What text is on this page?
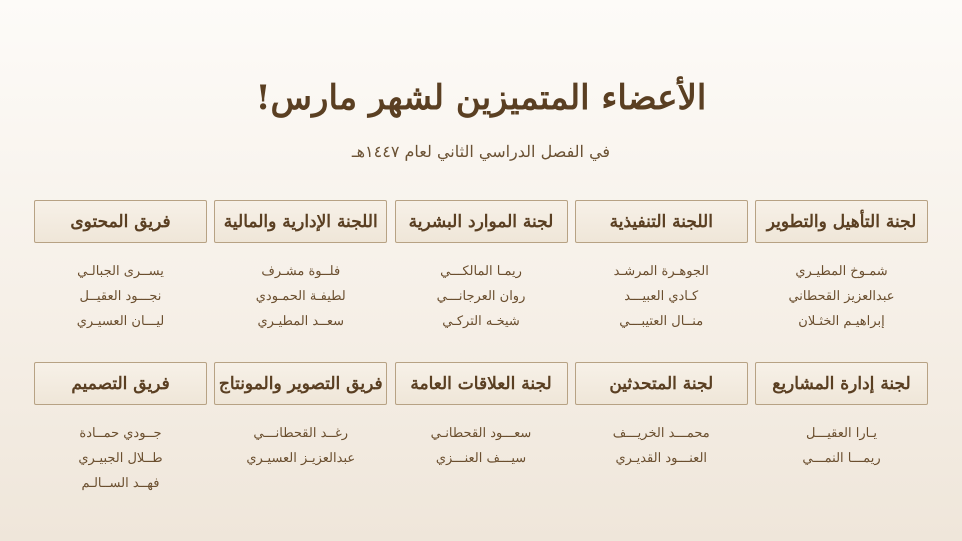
الأعضاء المتميزين لشهر مارس!
في الفصل الدراسي الثاني لعام ١٤٤٧هـ
لجنة التأهيل والتطوير
شمـوخ المطيـري
عبدالعزيز القحطاني
إبراهيـم الخثـلان
اللجنة التنفيذية
الجوهـرة المرشـد
كـادي العبيـــد
منــال العتيبـــي
لجنة الموارد البشرية
ريمـا المالكـــي
روان العرجانـــي
شيخـه التركـي
اللجنة الإدارية والمالية
فلــوة مشـرف
لطيفـة الحمـودي
سعــد المطيـري
فريق المحتوى
يســرى الجبالـي
نجـــود العقيــل
ليـــان العسيـري
لجنة إدارة المشاريع
يـارا العقيـــل
ريمـــا النمـــي
لجنة المتحدثين
محمـــد الخريـــف
العنـــود القديـري
لجنة العلاقات العامة
سعـــود القحطانـي
سيـــف العنـــزي
فريق التصوير والمونتاج
رغــد القحطانـــي
عبدالعزيـز العسيـري
فريق التصميم
جــودي حمــادة
طــلال الجبيـري
فهــد الســالـم
